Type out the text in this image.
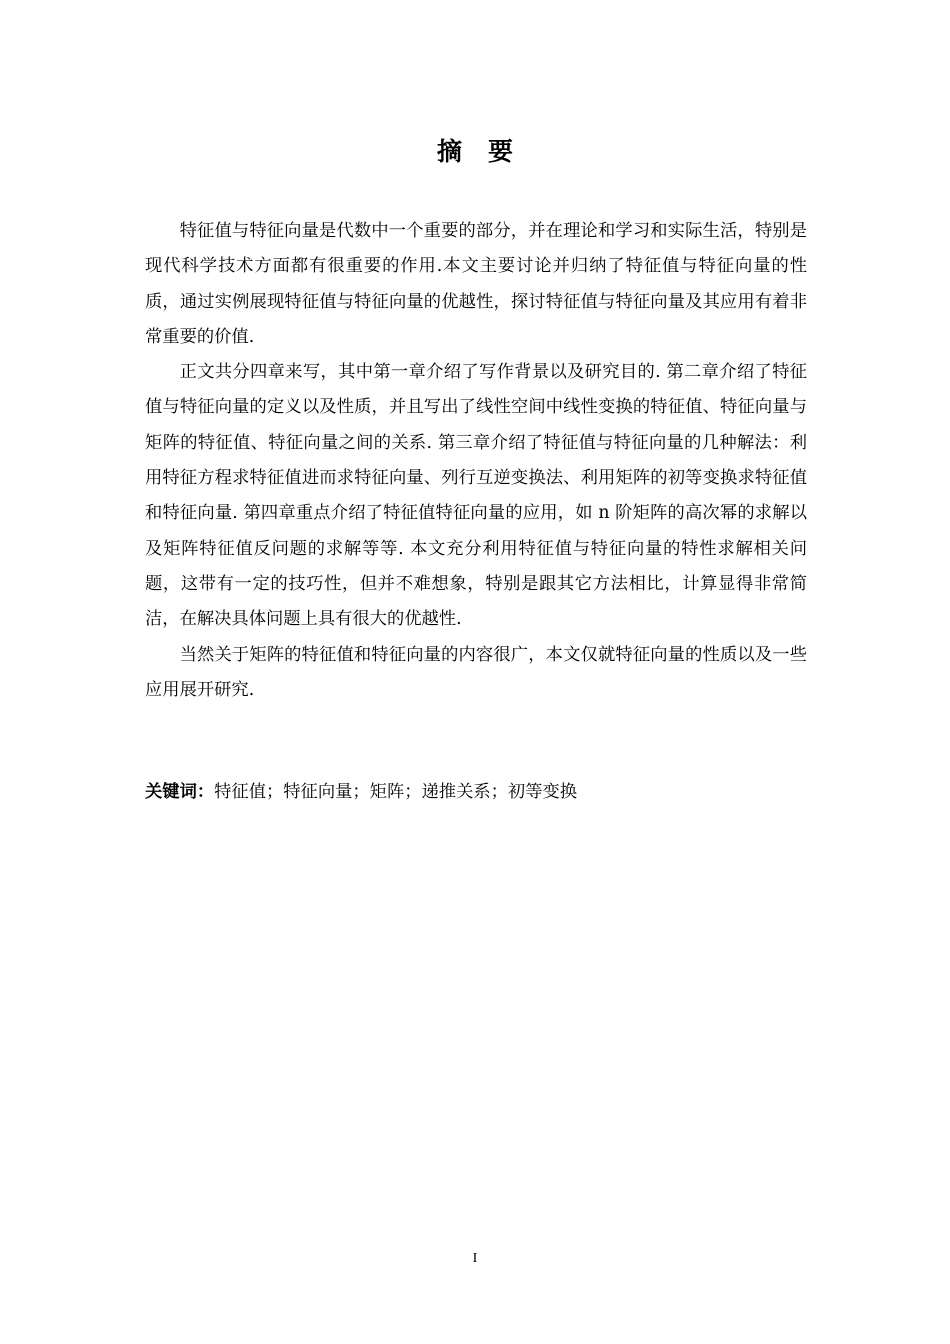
摘 要

特征值与特征向量是代数中一个重要的部分，并在理论和学习和实际生活，特别是现代科学技术方面都有很重要的作用.本文主要讨论并归纳了特征值与特征向量的性质，通过实例展现特征值与特征向量的优越性，探讨特征值与特征向量及其应用有着非常重要的价值.

正文共分四章来写，其中第一章介绍了写作背景以及研究目的. 第二章介绍了特征值与特征向量的定义以及性质，并且写出了线性空间中线性变换的特征值、特征向量与矩阵的特征值、特征向量之间的关系. 第三章介绍了特征值与特征向量的几种解法：利用特征方程求特征值进而求特征向量、列行互逆变换法、利用矩阵的初等变换求特征值和特征向量. 第四章重点介绍了特征值特征向量的应用，如 n 阶矩阵的高次幂的求解以及矩阵特征值反问题的求解等等. 本文充分利用特征值与特征向量的特性求解相关问题，这带有一定的技巧性，但并不难想象，特别是跟其它方法相比，计算显得非常简洁，在解决具体问题上具有很大的优越性.

当然关于矩阵的特征值和特征向量的内容很广，本文仅就特征向量的性质以及一些应用展开研究.

关键词：特征值；特征向量；矩阵；递推关系；初等变换
I
